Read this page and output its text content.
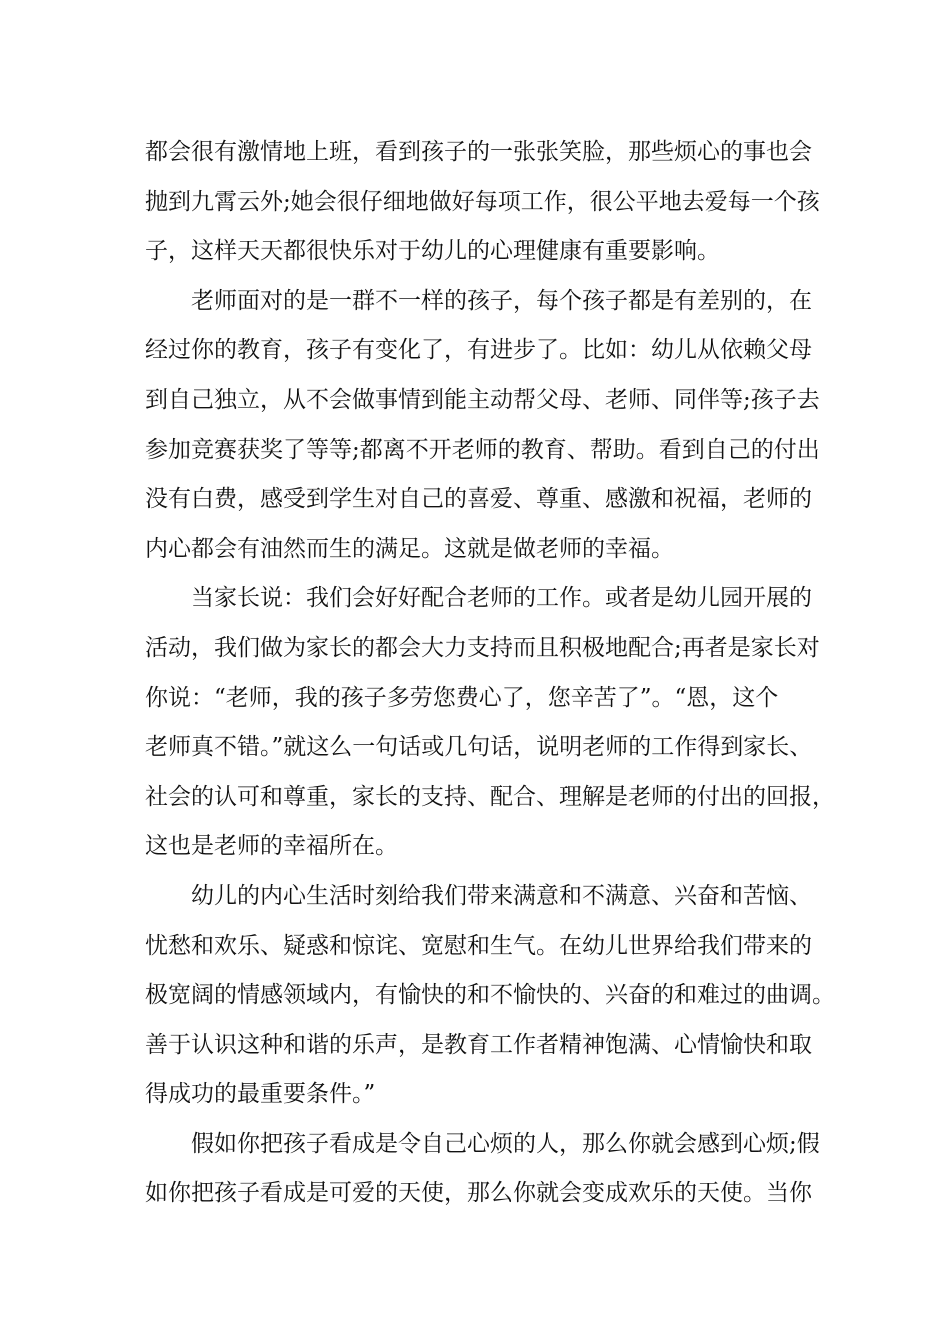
都会很有激情地上班，看到孩子的一张张笑脸，那些烦心的事也会
抛到九霄云外;她会很仔细地做好每项工作，很公平地去爱每一个孩
子，这样天天都很快乐对于幼儿的心理健康有重要影响。
老师面对的是一群不一样的孩子，每个孩子都是有差别的，在
经过你的教育，孩子有变化了，有进步了。比如：幼儿从依赖父母
到自己独立，从不会做事情到能主动帮父母、老师、同伴等;孩子去
参加竞赛获奖了等等;都离不开老师的教育、帮助。看到自己的付出
没有白费，感受到学生对自己的喜爱、尊重、感激和祝福，老师的
内心都会有油然而生的满足。这就是做老师的幸福。
当家长说：我们会好好配合老师的工作。或者是幼儿园开展的
活动，我们做为家长的都会大力支持而且积极地配合;再者是家长对
你说：“老师，我的孩子多劳您费心了，您辛苦了”。“恩，这个
老师真不错。”就这么一句话或几句话，说明老师的工作得到家长、
社会的认可和尊重，家长的支持、配合、理解是老师的付出的回报，
这也是老师的幸福所在。
幼儿的内心生活时刻给我们带来满意和不满意、兴奋和苦恼、
忧愁和欢乐、疑惑和惊诧、宽慰和生气。在幼儿世界给我们带来的
极宽阔的情感领域内，有愉快的和不愉快的、兴奋的和难过的曲调。
善于认识这种和谐的乐声，是教育工作者精神饱满、心情愉快和取
得成功的最重要条件。”
假如你把孩子看成是令自己心烦的人，那么你就会感到心烦;假
如你把孩子看成是可爱的天使，那么你就会变成欢乐的天使。当你
